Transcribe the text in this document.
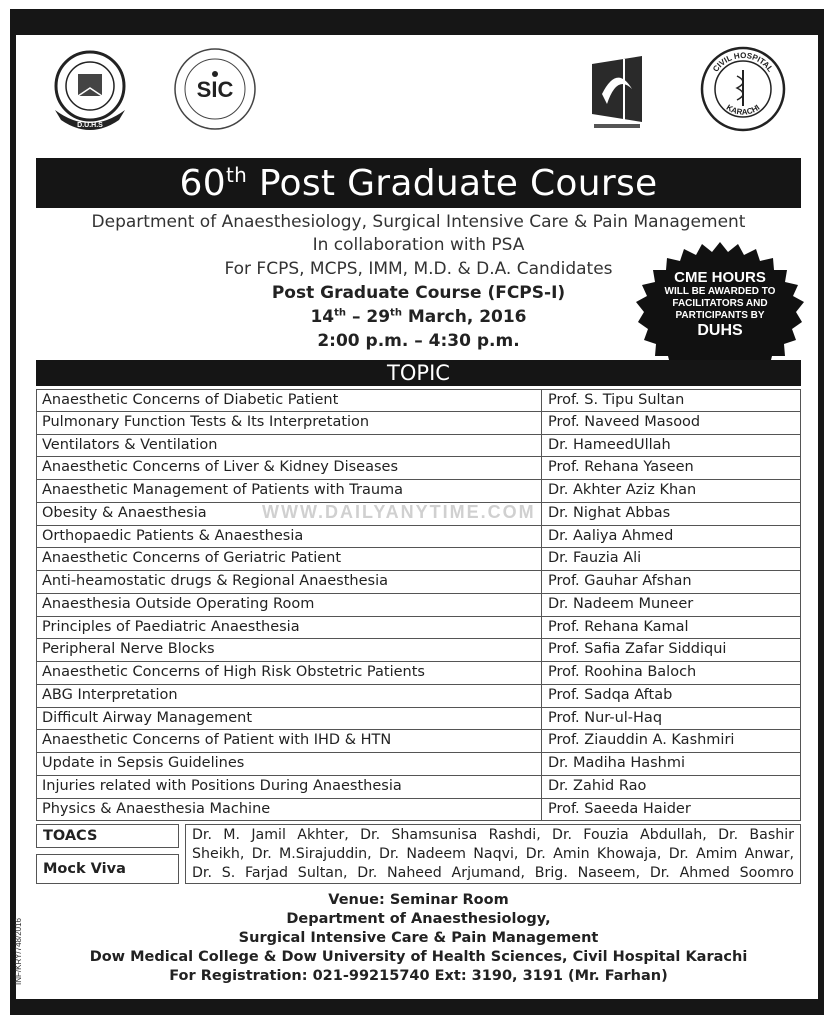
D.U.H.S
SIC
CIVIL HOSPITAL
KARACHI
60th Post Graduate Course
Department of Anaesthesiology, Surgical Intensive Care & Pain Management
In collaboration with PSA
For FCPS, MCPS, IMM, M.D. & D.A. Candidates
Post Graduate Course (FCPS-I)
14th – 29th March, 2016
2:00 p.m. – 4:30 p.m.
CME HOURS
WILL BE AWARDED TO
FACILITATORS AND
PARTICIPANTS BY
DUHS
TOPIC
Anaesthetic Concerns of Diabetic Patient	Prof. S. Tipu Sultan
Pulmonary Function Tests & Its Interpretation	Prof. Naveed Masood
Ventilators & Ventilation	Dr. HameedUllah
Anaesthetic Concerns of Liver & Kidney Diseases	Prof. Rehana Yaseen
Anaesthetic Management of Patients with Trauma	Dr. Akhter Aziz Khan
Obesity & Anaesthesia	Dr. Nighat Abbas
Orthopaedic Patients & Anaesthesia	Dr. Aaliya Ahmed
Anaesthetic Concerns of Geriatric Patient	Dr. Fauzia Ali
Anti-heamostatic drugs & Regional Anaesthesia	Prof. Gauhar Afshan
Anaesthesia Outside Operating Room	Dr. Nadeem Muneer
Principles of Paediatric Anaesthesia	Prof. Rehana Kamal
Peripheral Nerve Blocks	Prof. Safia Zafar Siddiqui
Anaesthetic Concerns of High Risk Obstetric Patients	Prof. Roohina Baloch
ABG Interpretation	Prof. Sadqa Aftab
Difficult Airway Management	Prof. Nur-ul-Haq
Anaesthetic Concerns of Patient with IHD & HTN	Prof. Ziauddin A. Kashmiri
Update in Sepsis Guidelines	Dr. Madiha Hashmi
Injuries related with Positions During Anaesthesia	Dr. Zahid Rao
Physics & Anaesthesia Machine	Prof. Saeeda Haider
TOACS
Mock Viva
Dr. M. Jamil Akhter, Dr. Shamsunisa Rashdi, Dr. Fouzia Abdullah, Dr. Bashir
Sheikh, Dr. M.Sirajuddin, Dr. Nadeem Naqvi, Dr. Amin Khowaja, Dr. Amim Anwar,
Dr. S. Farjad Sultan, Dr. Naheed Arjumand, Brig. Naseem, Dr. Ahmed Soomro
Venue: Seminar Room
Department of Anaesthesiology,
Surgical Intensive Care & Pain Management
Dow Medical College & Dow University of Health Sciences, Civil Hospital Karachi
For Registration: 021-99215740 Ext: 3190, 3191 (Mr. Farhan)
INF/KRY/748/2016
WWW.DAILYANYTIME.COM
